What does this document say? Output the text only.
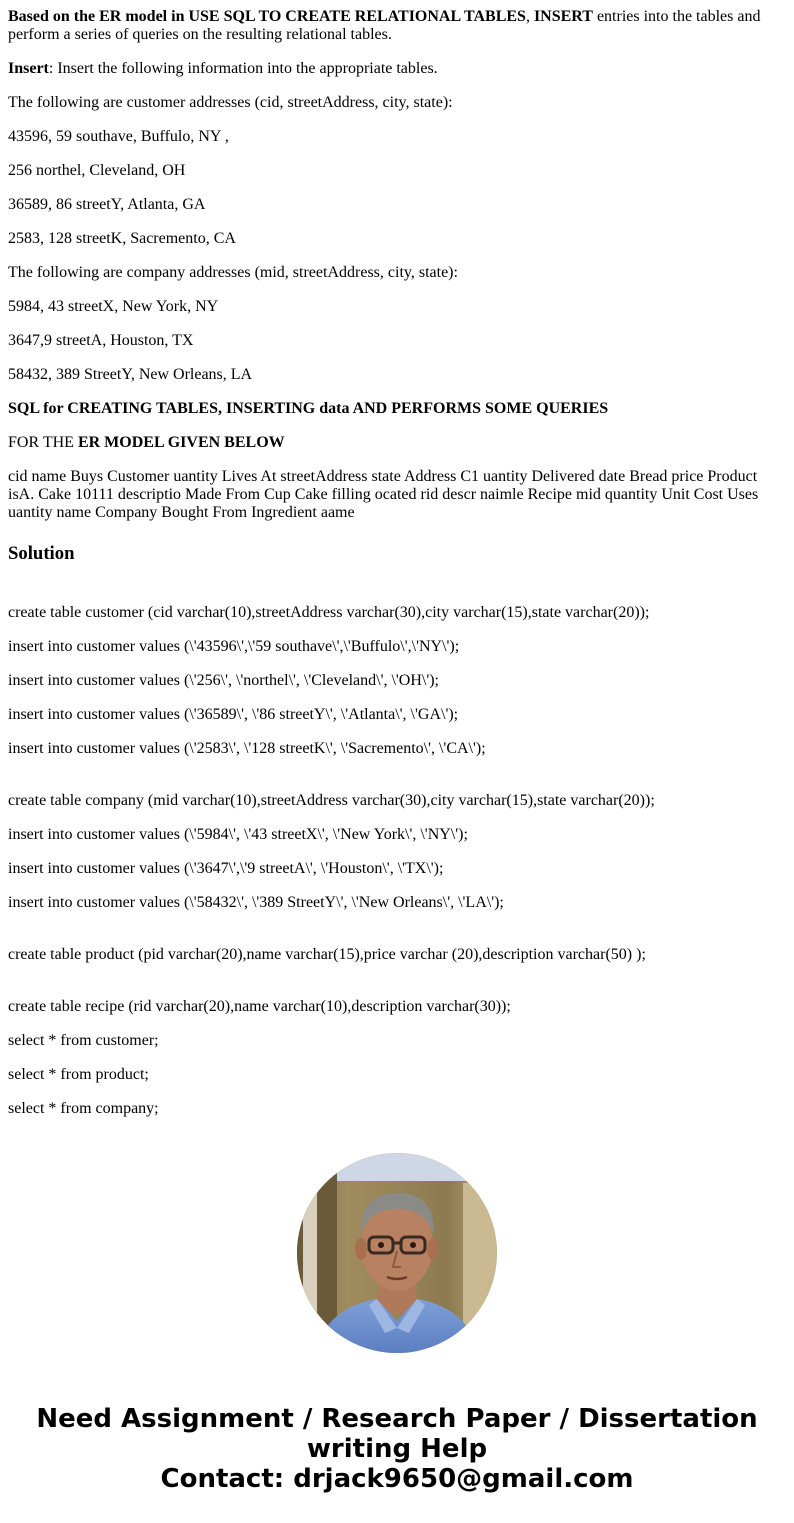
Based on the ER model in USE SQL TO CREATE RELATIONAL TABLES, INSERT entries into the tables and perform a series of queries on the resulting relational tables.

Insert: Insert the following information into the appropriate tables.

The following are customer addresses (cid, streetAddress, city, state):

43596, 59 southave, Buffulo, NY ,

256 northel, Cleveland, OH

36589, 86 streetY, Atlanta, GA

2583, 128 streetK, Sacremento, CA

The following are company addresses (mid, streetAddress, city, state):

5984, 43 streetX, New York, NY

3647,9 streetA, Houston, TX

58432, 389 StreetY, New Orleans, LA

SQL for CREATING TABLES, INSERTING data AND PERFORMS SOME QUERIES

FOR THE ER MODEL GIVEN BELOW

cid name Buys Customer uantity Lives At streetAddress state Address C1 uantity Delivered date Bread price Product isA. Cake 10111 descriptio Made From Cup Cake filling ocated rid descr naimle Recipe mid quantity Unit Cost Uses uantity name Company Bought From Ingredient aame

Solution

create table customer (cid varchar(10),streetAddress varchar(30),city varchar(15),state varchar(20));

insert into customer values (\'43596\',\'59 southave\',\'Buffulo\',\'NY\');

insert into customer values (\'256\', \'northel\', \'Cleveland\', \'OH\');

insert into customer values (\'36589\', \'86 streetY\', \'Atlanta\', \'GA\');

insert into customer values (\'2583\', \'128 streetK\', \'Sacremento\', \'CA\');

create table company (mid varchar(10),streetAddress varchar(30),city varchar(15),state varchar(20));

insert into customer values (\'5984\', \'43 streetX\', \'New York\', \'NY\');

insert into customer values (\'3647\',\'9 streetA\', \'Houston\', \'TX\');

insert into customer values (\'58432\', \'389 StreetY\', \'New Orleans\', \'LA\');

create table product (pid varchar(20),name varchar(15),price varchar (20),description varchar(50) );

create table recipe (rid varchar(20),name varchar(10),description varchar(30));

select * from customer;

select * from product;

select * from company;

Need Assignment / Research Paper / Dissertation
writing Help
Contact: drjack9650@gmail.com
